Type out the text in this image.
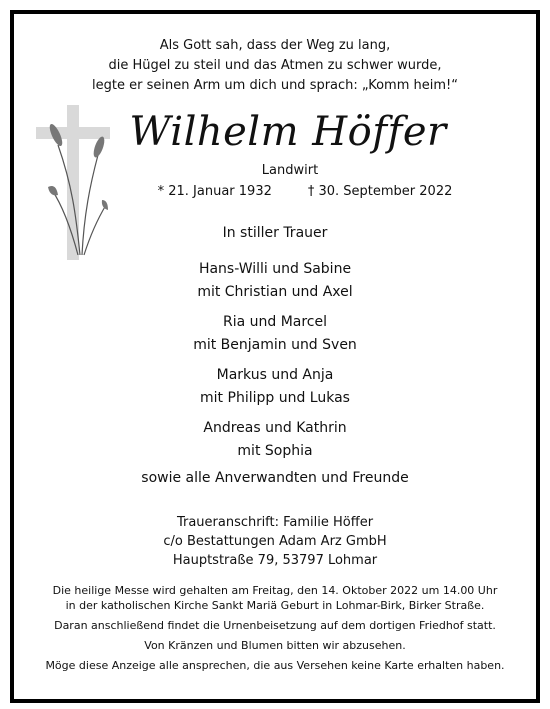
Als Gott sah, dass der Weg zu lang,
die Hügel zu steil und das Atmen zu schwer wurde,
legte er seinen Arm um dich und sprach: „Komm heim!“
Wilhelm Höffer
Landwirt
* 21. Januar 1932	† 30. September 2022
In stiller Trauer
Hans-Willi und Sabine
mit Christian und Axel
Ria und Marcel
mit Benjamin und Sven
Markus und Anja
mit Philipp und Lukas
Andreas und Kathrin
mit Sophia
sowie alle Anverwandten und Freunde
Traueranschrift: Familie Höffer
c/o Bestattungen Adam Arz GmbH
Hauptstraße 79, 53797 Lohmar
Die heilige Messe wird gehalten am Freitag, den 14. Oktober 2022 um 14.00 Uhr
in der katholischen Kirche Sankt Mariä Geburt in Lohmar-Birk, Birker Straße.
Daran anschließend findet die Urnenbeisetzung auf dem dortigen Friedhof statt.
Von Kränzen und Blumen bitten wir abzusehen.
Möge diese Anzeige alle ansprechen, die aus Versehen keine Karte erhalten haben.
